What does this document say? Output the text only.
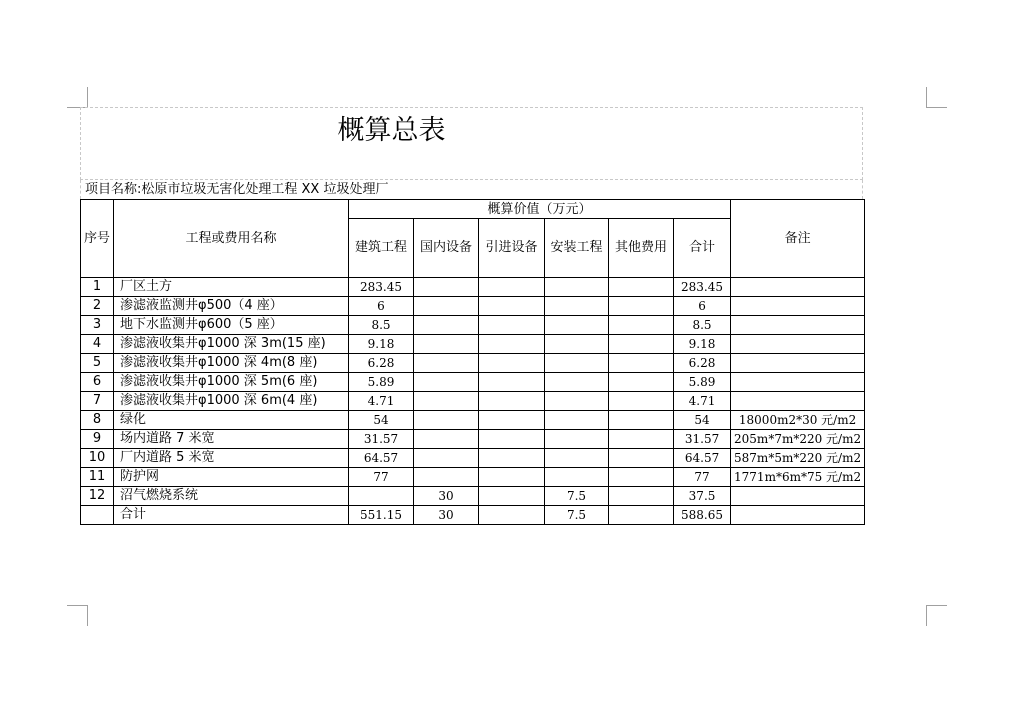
概算总表
项目名称:松原市垃圾无害化处理工程 XX 垃圾处理厂
序号	工程或费用名称	概算价值（万元）						备注
		建筑工程	国内设备	引进设备	安装工程	其他费用	合计	
1	厂区土方	283.45					283.45	
2	渗滤液监测井φ500（4 座）	6					6	
3	地下水监测井φ600（5 座）	8.5					8.5	
4	渗滤液收集井φ1000 深 3m(15 座)	9.18					9.18	
5	渗滤液收集井φ1000 深 4m(8 座)	6.28					6.28	
6	渗滤液收集井φ1000 深 5m(6 座)	5.89					5.89	
7	渗滤液收集井φ1000 深 6m(4 座)	4.71					4.71	
8	绿化	54					54	18000m2*30 元/m2
9	场内道路 7 米宽	31.57					31.57	205m*7m*220 元/m2
10	厂内道路 5 米宽	64.57					64.57	587m*5m*220 元/m2
11	防护网	77					77	1771m*6m*75 元/m2
12	沼气燃烧系统		30		7.5		37.5	
	合计	551.15	30		7.5		588.65	
